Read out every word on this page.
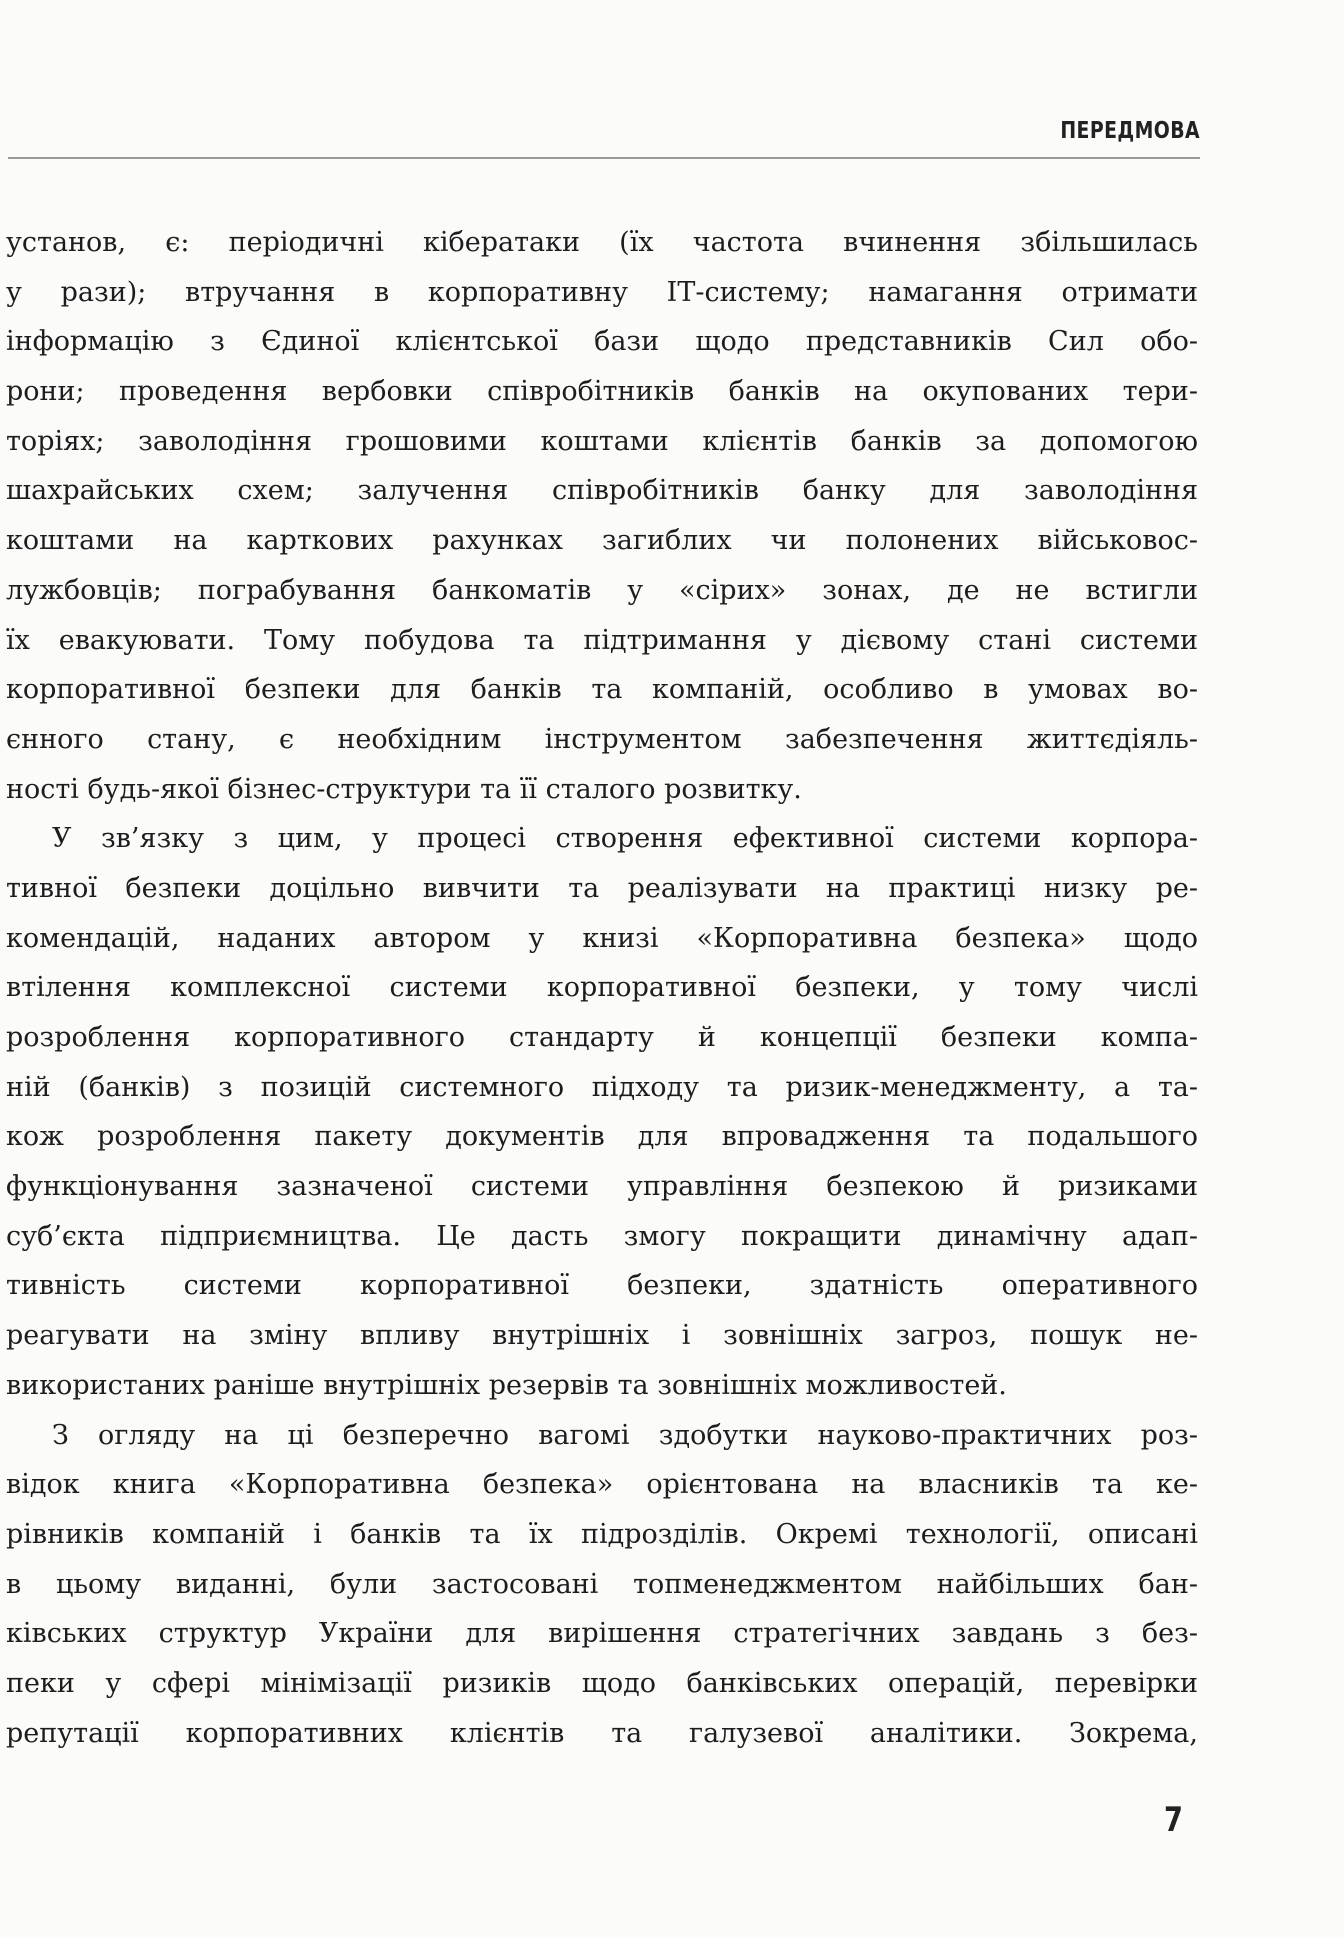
ПЕРЕДМОВА
установ, є: періодичні кібератаки (їх частота вчинення збільшилась
у рази); втручання в корпоративну ІТ-систему; намагання отримати
інформацію з Єдиної клієнтської бази щодо представників Сил обо-
рони; проведення вербовки співробітників банків на окупованих тери-
торіях; заволодіння грошовими коштами клієнтів банків за допомогою
шахрайських схем; залучення співробітників банку для заволодіння
коштами на карткових рахунках загиблих чи полонених військовос-
лужбовців; пограбування банкоматів у «сірих» зонах, де не встигли
їх евакуювати. Тому побудова та підтримання у дієвому стані системи
корпоративної безпеки для банків та компаній, особливо в умовах во-
єнного стану, є необхідним інструментом забезпечення життєдіяль-
ності будь-якої бізнес-структури та її сталого розвитку.
У зв’язку з цим, у процесі створення ефективної системи корпора-
тивної безпеки доцільно вивчити та реалізувати на практиці низку ре-
комендацій, наданих автором у книзі «Корпоративна безпека» щодо
втілення комплексної системи корпоративної безпеки, у тому числі
розроблення корпоративного стандарту й концепції безпеки компа-
ній (банків) з позицій системного підходу та ризик-менеджменту, а та-
кож розроблення пакету документів для впровадження та подальшого
функціонування зазначеної системи управління безпекою й ризиками
суб’єкта підприємництва. Це дасть змогу покращити динамічну адап-
тивність системи корпоративної безпеки, здатність оперативного
реагувати на зміну впливу внутрішніх і зовнішніх загроз, пошук не-
використаних раніше внутрішніх резервів та зовнішніх можливостей.
З огляду на ці безперечно вагомі здобутки науково-практичних роз-
відок книга «Корпоративна безпека» орієнтована на власників та ке-
рівників компаній і банків та їх підрозділів. Окремі технології, описані
в цьому виданні, були застосовані топменеджментом найбільших бан-
ківських структур України для вирішення стратегічних завдань з без-
пеки у сфері мінімізації ризиків щодо банківських операцій, перевірки
репутації корпоративних клієнтів та галузевої аналітики. Зокрема,
7
